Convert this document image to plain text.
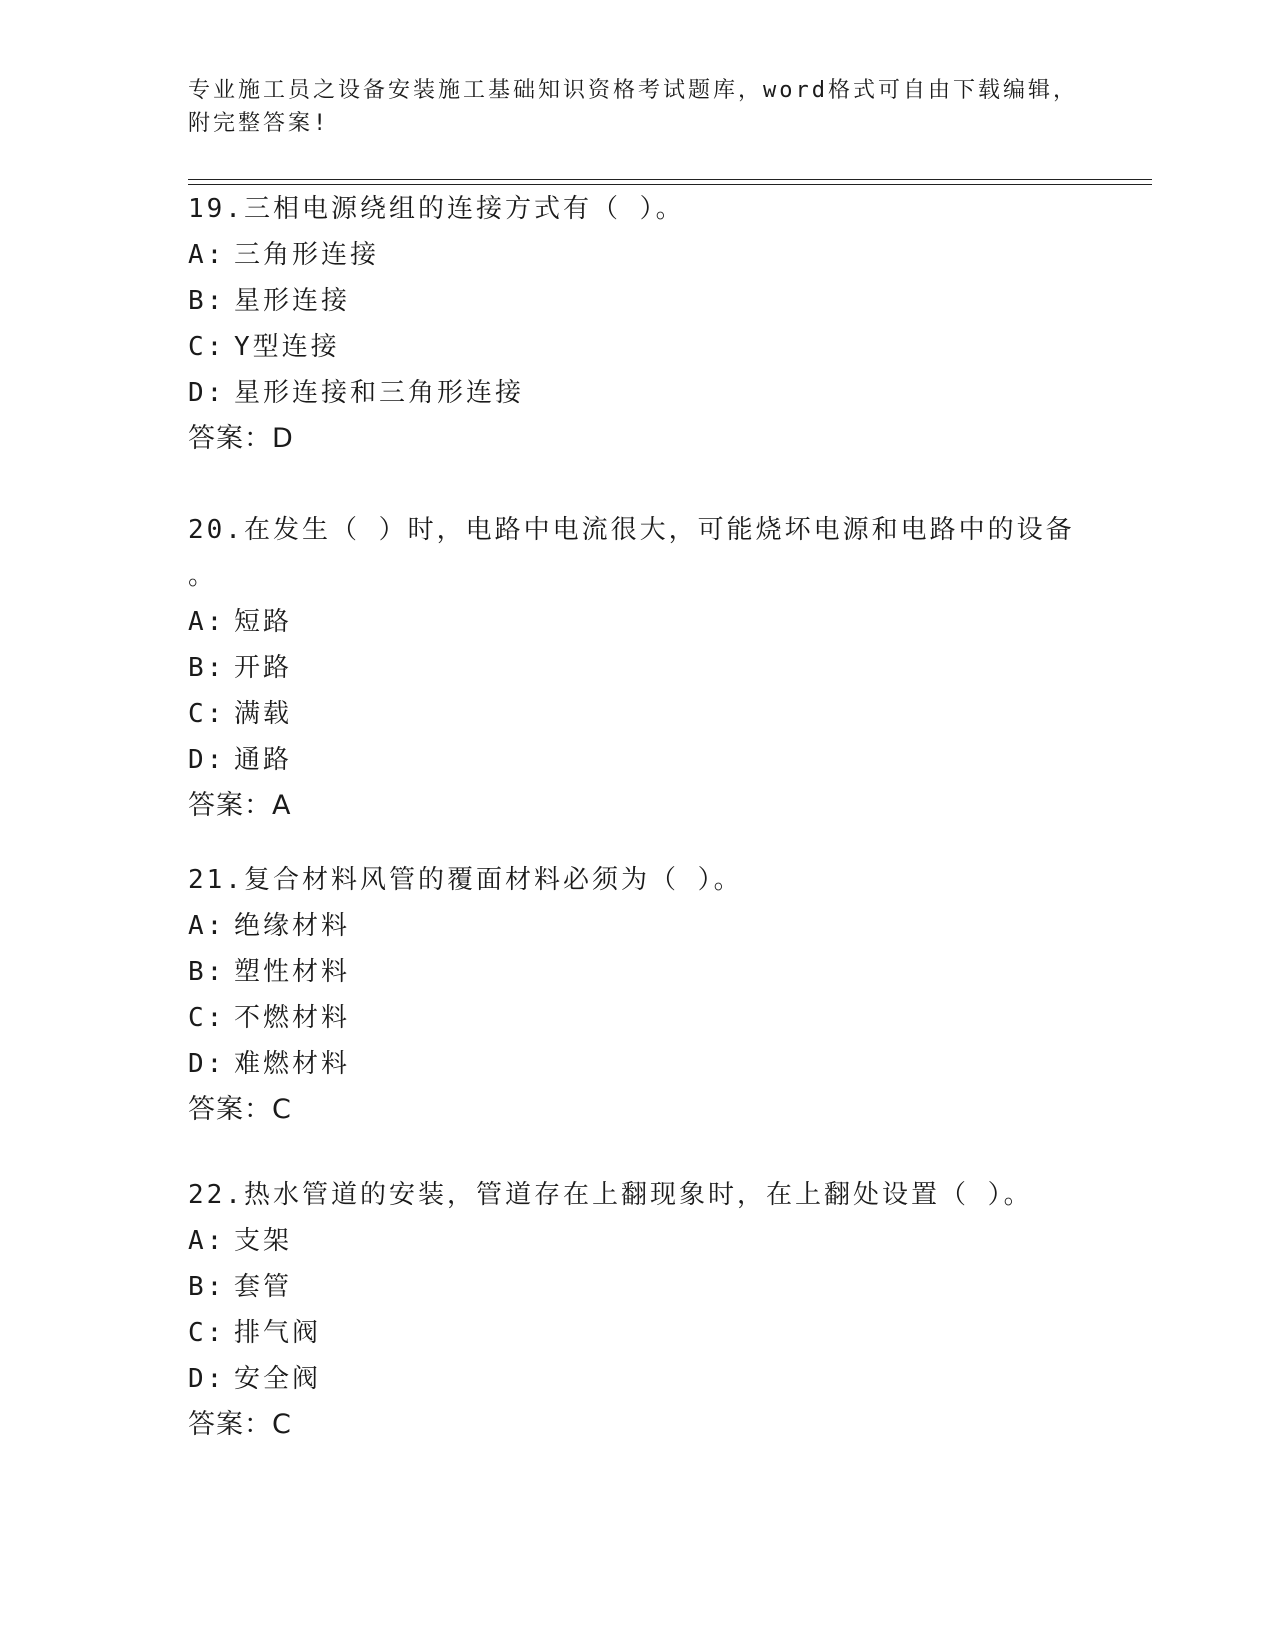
专业施工员之设备安装施工基础知识资格考试题库，word格式可自由下载编辑，
附完整答案!

19.三相电源绕组的连接方式有（ ）。

A: 三角形连接

B: 星形连接

C: Y型连接

D: 星形连接和三角形连接

答案：D

20.在发生（ ）时，电路中电流很大，可能烧坏电源和电路中的设备
。

A: 短路

B: 开路

C: 满载

D: 通路

答案：A

21.复合材料风管的覆面材料必须为（ ）。

A: 绝缘材料

B: 塑性材料

C: 不燃材料

D: 难燃材料

答案：C

22.热水管道的安装，管道存在上翻现象时，在上翻处设置（ ）。

A: 支架

B: 套管

C: 排气阀

D: 安全阀

答案：C
